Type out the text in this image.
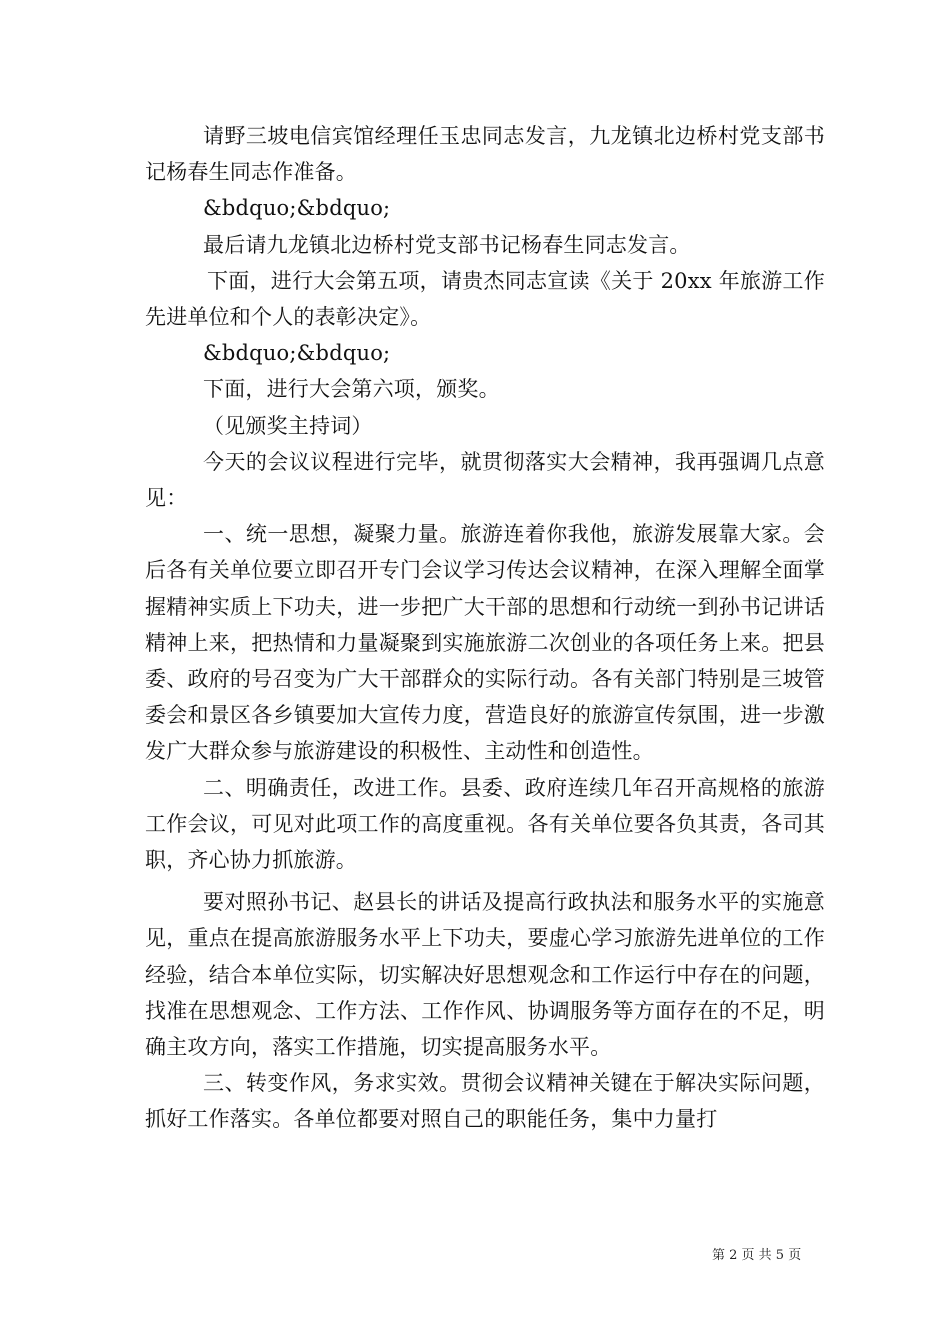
请野三坡电信宾馆经理任玉忠同志发言，九龙镇北边桥村党支部书记杨春生同志作准备。

&bdquo;&bdquo;

最后请九龙镇北边桥村党支部书记杨春生同志发言。

下面，进行大会第五项，请贵杰同志宣读《关于 20xx 年旅游工作先进单位和个人的表彰决定》。

&bdquo;&bdquo;

下面，进行大会第六项，颁奖。

（见颁奖主持词）

今天的会议议程进行完毕，就贯彻落实大会精神，我再强调几点意见：

一、统一思想，凝聚力量。旅游连着你我他，旅游发展靠大家。会后各有关单位要立即召开专门会议学习传达会议精神，在深入理解全面掌握精神实质上下功夫，进一步把广大干部的思想和行动统一到孙书记讲话精神上来，把热情和力量凝聚到实施旅游二次创业的各项任务上来。把县委、政府的号召变为广大干部群众的实际行动。各有关部门特别是三坡管委会和景区各乡镇要加大宣传力度，营造良好的旅游宣传氛围，进一步激发广大群众参与旅游建设的积极性、主动性和创造性。

二、明确责任，改进工作。县委、政府连续几年召开高规格的旅游工作会议，可见对此项工作的高度重视。各有关单位要各负其责，各司其职，齐心协力抓旅游。

要对照孙书记、赵县长的讲话及提高行政执法和服务水平的实施意见，重点在提高旅游服务水平上下功夫，要虚心学习旅游先进单位的工作经验，结合本单位实际，切实解决好思想观念和工作运行中存在的问题，找准在思想观念、工作方法、工作作风、协调服务等方面存在的不足，明确主攻方向，落实工作措施，切实提高服务水平。

三、转变作风，务求实效。贯彻会议精神关键在于解决实际问题，抓好工作落实。各单位都要对照自己的职能任务，集中力量打

第 2 页 共 5 页
